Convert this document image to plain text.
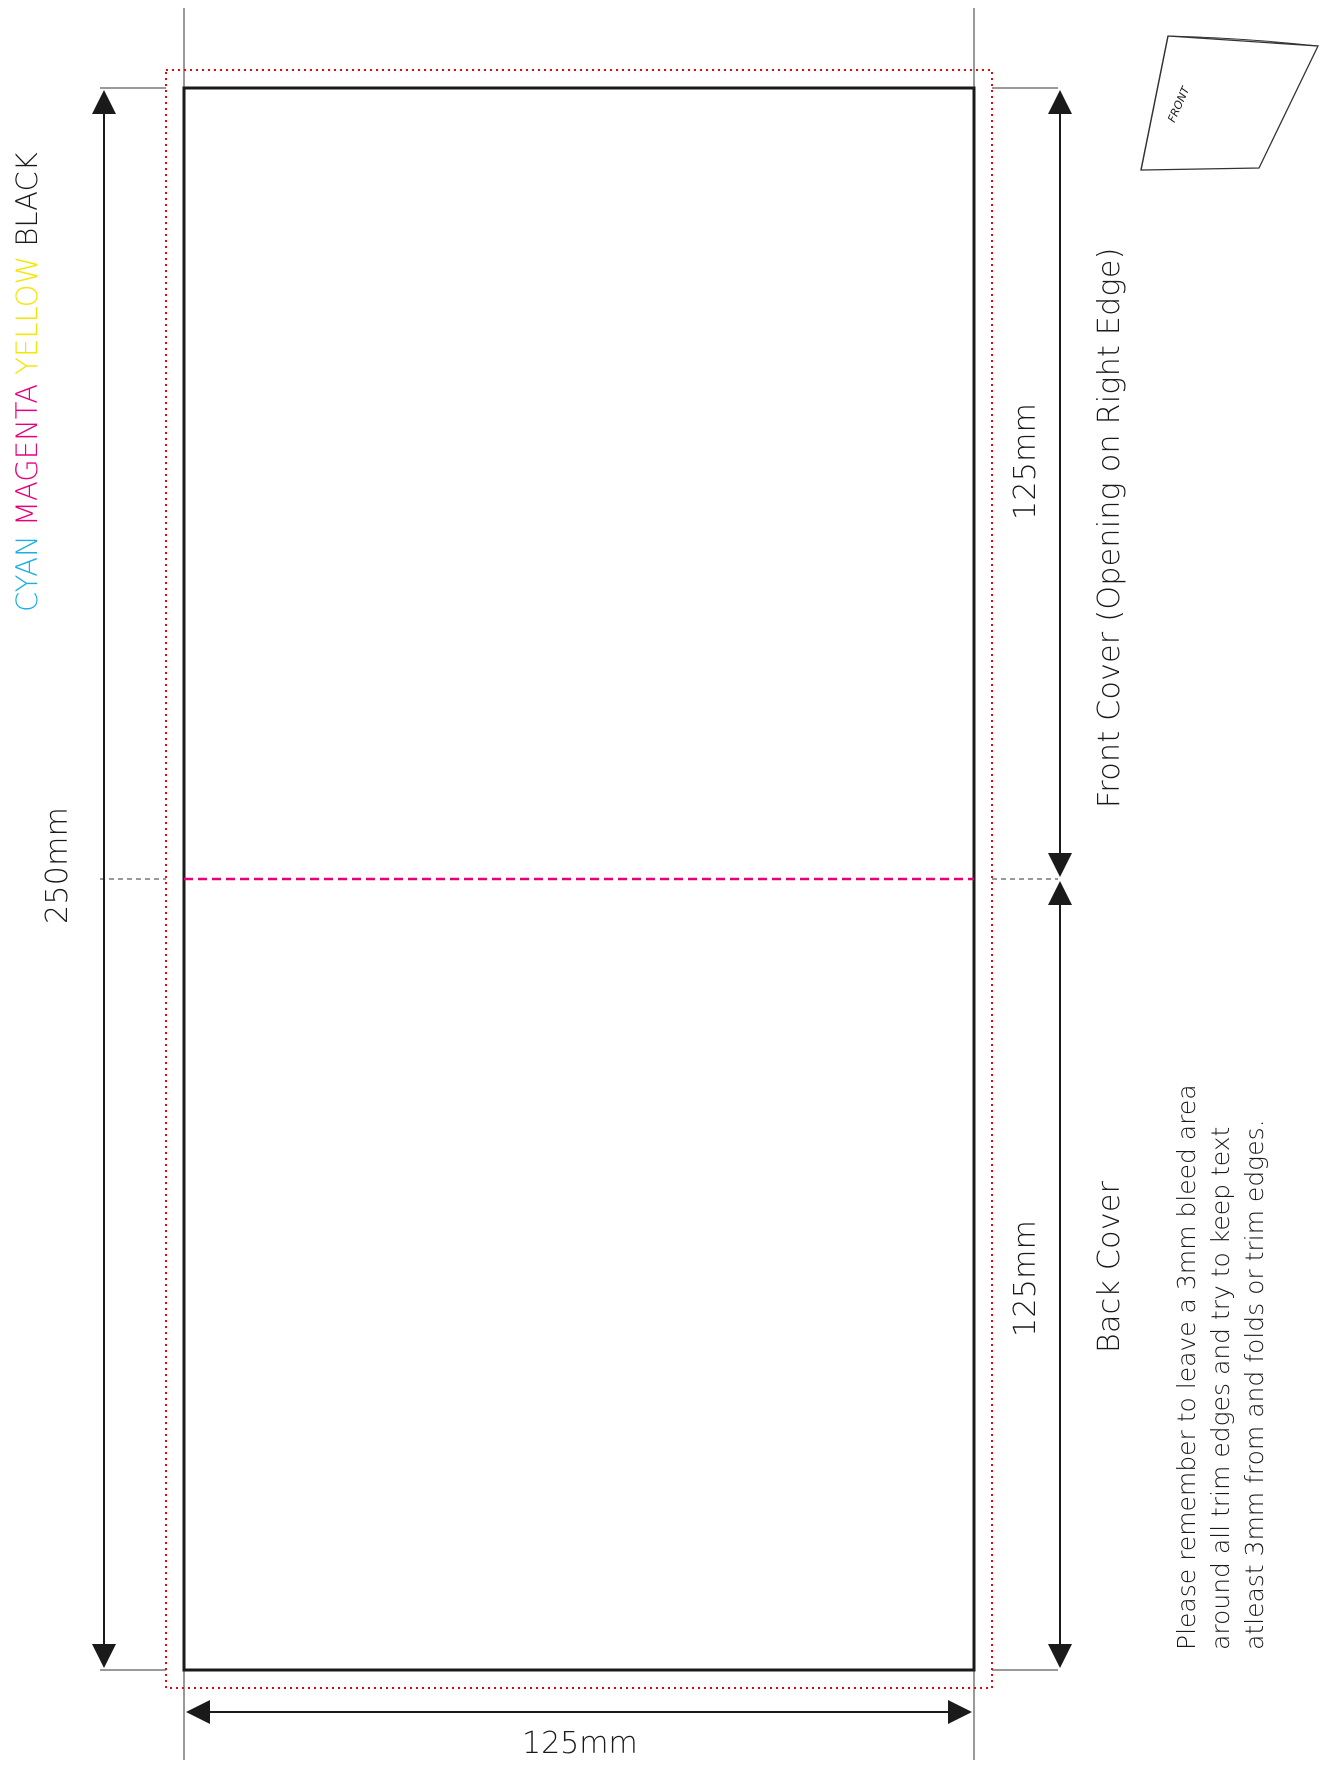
FRONT
CYAN MAGENTA YELLOW BLACK
250mm
125mm
125mm
Front Cover (Opening on Right Edge)
Back Cover Please remember to leave a 3mm bleed area around all trim edges and try to keep text atleast 3mm from and folds or trim edges.
125mm
